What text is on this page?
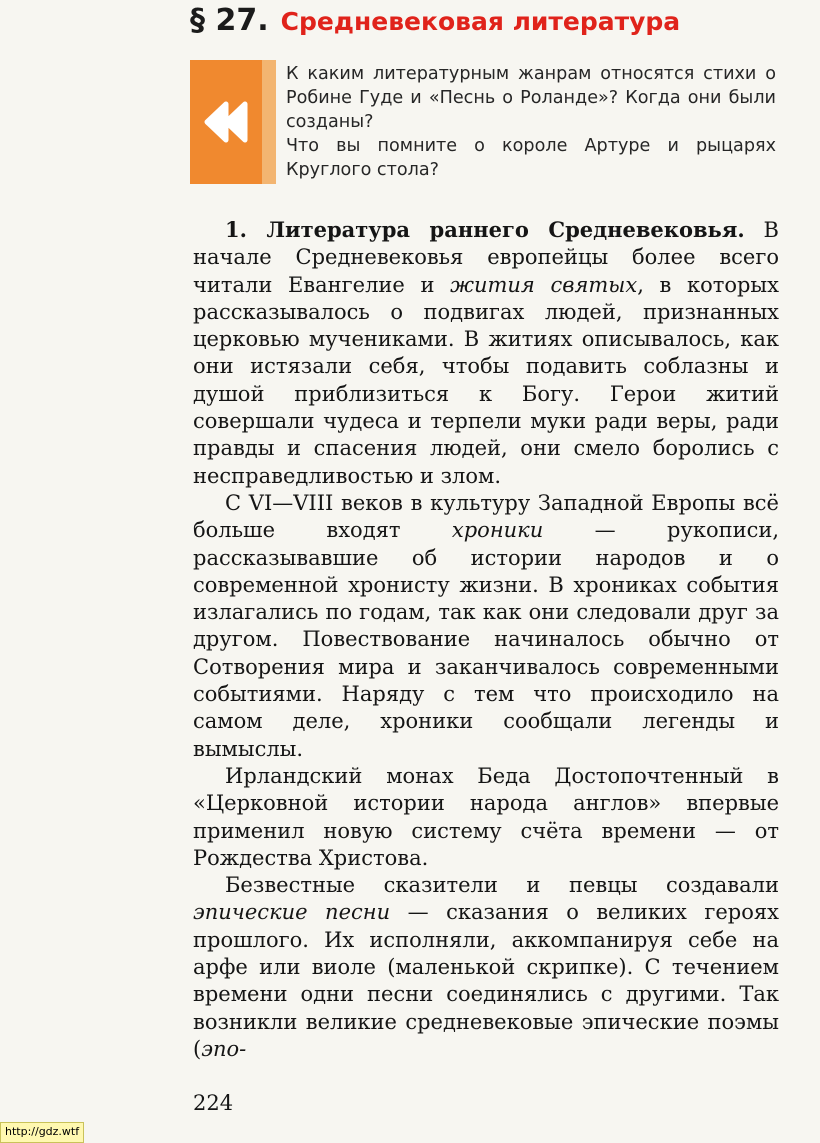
§ 27. Средневековая литература

К каким литературным жанрам относятся стихи о Робине Гуде и «Песнь о Роланде»? Когда они были созданы?

Что вы помните о короле Артуре и рыцарях Круглого стола?

1. Литература раннего Средневековья. В начале Средневековья европейцы более всего читали Евангелие и жития святых, в которых рассказывалось о подвигах людей, признанных церковью мучениками. В житиях описывалось, как они истязали себя, чтобы подавить соблазны и душой приблизиться к Богу. Герои житий совершали чудеса и терпели муки ради веры, ради правды и спасения людей, они смело боролись с несправедливостью и злом.

С VI—VIII веков в культуру Западной Европы всё больше входят хроники — рукописи, рассказывавшие об истории народов и о современной хронисту жизни. В хрониках события излагались по годам, так как они следовали друг за другом. Повествование начиналось обычно от Сотворения мира и заканчивалось современными событиями. Наряду с тем что происходило на самом деле, хроники сообщали легенды и вымыслы.

Ирландский монах Беда Достопочтенный в «Церковной истории народа англов» впервые применил новую систему счёта времени — от Рождества Христова.

Безвестные сказители и певцы создавали эпические песни — сказания о великих героях прошлого. Их исполняли, аккомпанируя себе на арфе или виоле (маленькой скрипке). С течением времени одни песни соединялись с другими. Так возникли великие средневековые эпические поэмы (эпо-

224
http://gdz.wtf
